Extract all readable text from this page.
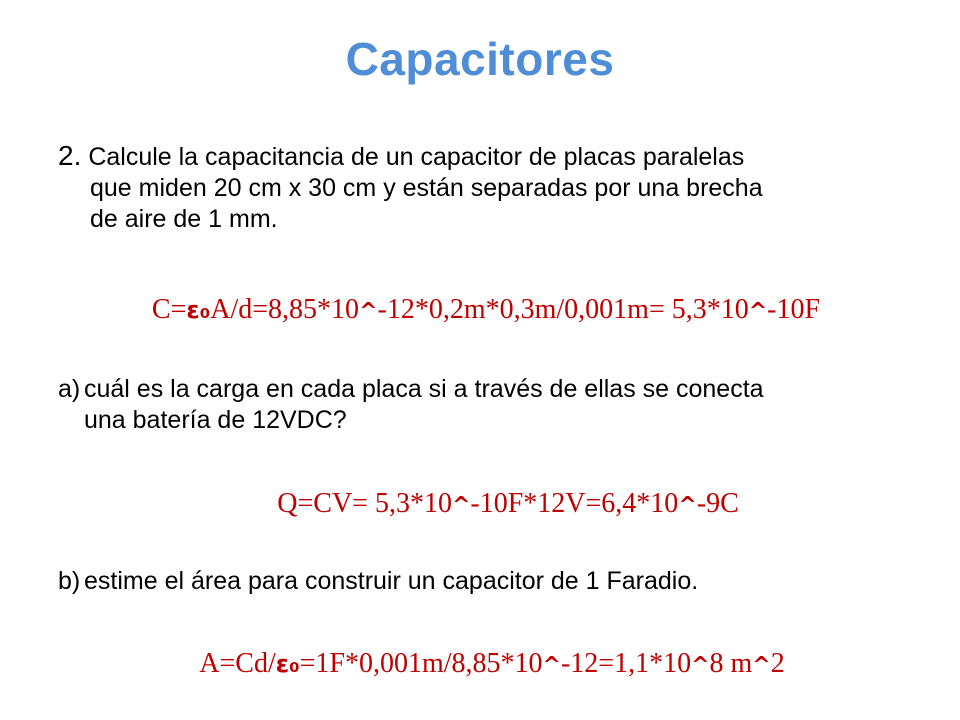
Capacitores
2. Calcule la capacitancia de un capacitor de placas paralelas
que miden 20 cm x 30 cm y están separadas por una brecha
de aire de 1 mm.
C=ε₀A/d=8,85*10^-12*0,2m*0,3m/0,001m= 5,3*10^-10F
a) cuál es la carga en cada placa si a través de ellas se conecta
una batería de 12VDC?
Q=CV= 5,3*10^-10F*12V=6,4*10^-9C
b) estime el área para construir un capacitor de 1 Faradio.
A=Cd/ε₀=1F*0,001m/8,85*10^-12=1,1*10^8 m^2
